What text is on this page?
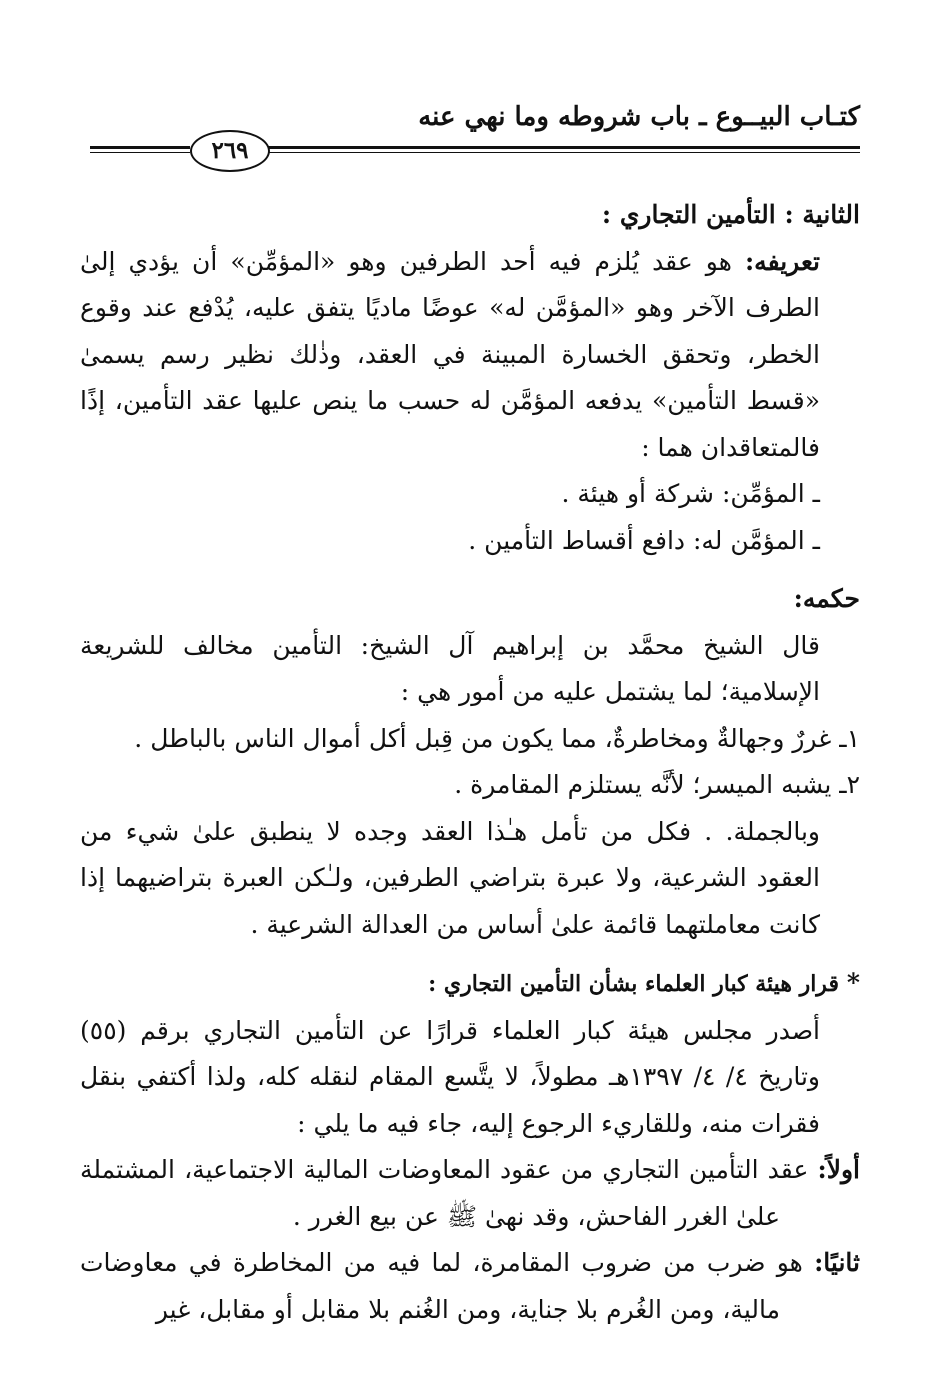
كتـاب البيــوع ـ باب شروطه وما نهي عنه
٢٦٩

الثانية : التأمين التجاري :

تعريفه: هو عقد يُلزم فيه أحد الطرفين وهو «المؤمِّن» أن يؤدي إلىٰ الطرف الآخر وهو «المؤمَّن له» عوضًا ماديًا يتفق عليه، يُدْفع عند وقوع الخطر، وتحقق الخسارة المبينة في العقد، وذٰلك نظير رسم يسمىٰ «قسط التأمين» يدفعه المؤمَّن له حسب ما ينص عليها عقد التأمين، إذًا فالمتعاقدان هما :

ـ المؤمِّن: شركة أو هيئة .

ـ المؤمَّن له: دافع أقساط التأمين .

حكمه:

قال الشيخ محمَّد بن إبراهيم آل الشيخ: التأمين مخالف للشريعة الإسلامية؛ لما يشتمل عليه من أمور هي :

١ـ غررٌ وجهالةٌ ومخاطرةٌ، مما يكون من قِبل أكل أموال الناس بالباطل .

٢ـ يشبه الميسر؛ لأنَّه يستلزم المقامرة .

وبالجملة. . فكل من تأمل هـٰذا العقد وجده لا ينطبق علىٰ شيء من العقود الشرعية، ولا عبرة بتراضي الطرفين، ولـٰكن العبرة بتراضيهما إذا كانت معاملتهما قائمة علىٰ أساس من العدالة الشرعية .

* قرار هيئة كبار العلماء بشأن التأمين التجاري :

أصدر مجلس هيئة كبار العلماء قرارًا عن التأمين التجاري برقم (٥٥) وتاريخ ٤/ ٤/ ١٣٩٧هـ مطولاً، لا يتَّسع المقام لنقله كله، ولذا أكتفي بنقل فقرات منه، وللقاريء الرجوع إليه، جاء فيه ما يلي :

أولاً: عقد التأمين التجاري من عقود المعاوضات المالية الاجتماعية، المشتملة علىٰ الغرر الفاحش، وقد نهىٰ ﷺ عن بيع الغرر .

ثانيًا: هو ضرب من ضروب المقامرة، لما فيه من المخاطرة في معاوضات مالية، ومن الغُرم بلا جناية، ومن الغُنم بلا مقابل أو مقابل، غير
